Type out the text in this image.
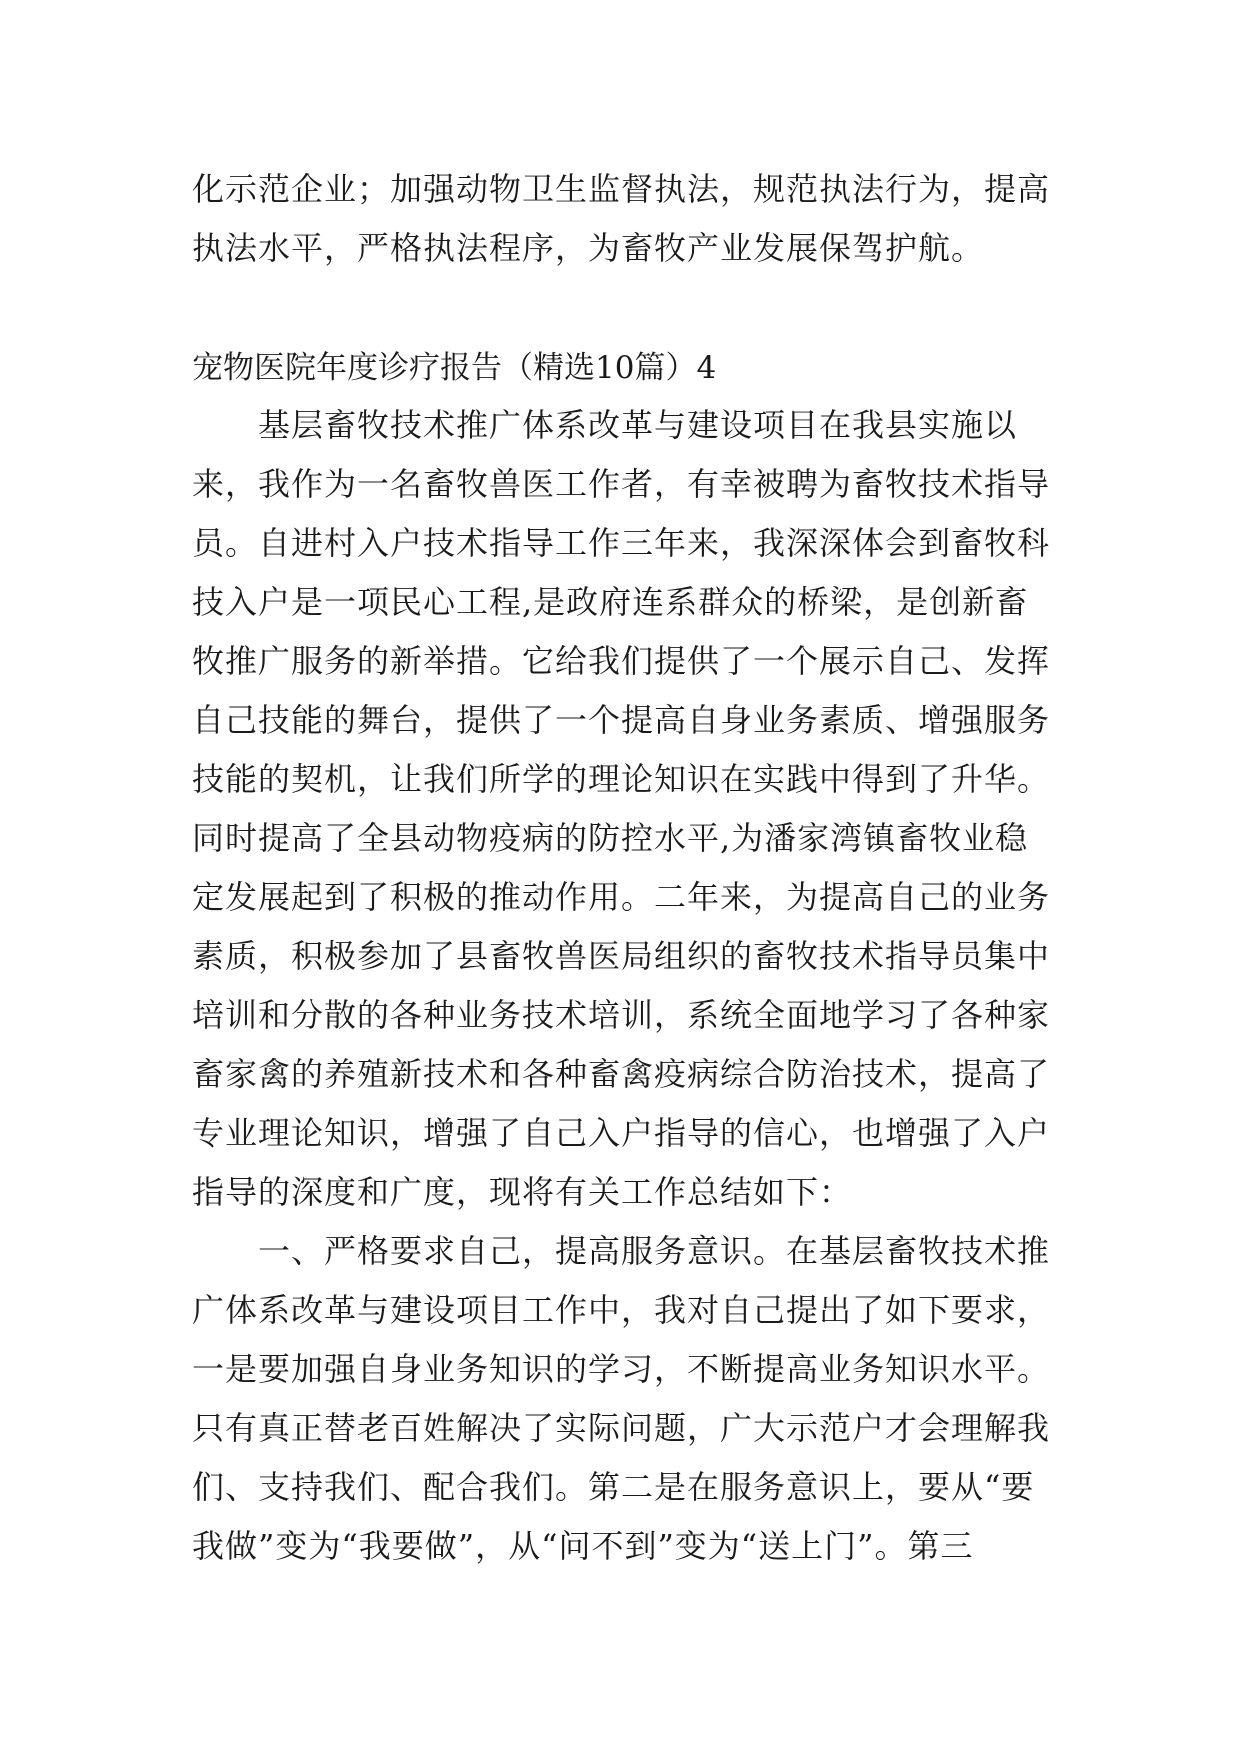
化示范企业；加强动物卫生监督执法，规范执法行为，提高
执法水平，严格执法程序，为畜牧产业发展保驾护航。
宠物医院年度诊疗报告（精选10篇）4
基层畜牧技术推广体系改革与建设项目在我县实施以
来，我作为一名畜牧兽医工作者，有幸被聘为畜牧技术指导
员。自进村入户技术指导工作三年来，我深深体会到畜牧科
技入户是一项民心工程,是政府连系群众的桥梁，是创新畜
牧推广服务的新举措。它给我们提供了一个展示自己、发挥
自己技能的舞台，提供了一个提高自身业务素质、增强服务
技能的契机，让我们所学的理论知识在实践中得到了升华。
同时提高了全县动物疫病的防控水平,为潘家湾镇畜牧业稳
定发展起到了积极的推动作用。二年来，为提高自己的业务
素质，积极参加了县畜牧兽医局组织的畜牧技术指导员集中
培训和分散的各种业务技术培训，系统全面地学习了各种家
畜家禽的养殖新技术和各种畜禽疫病综合防治技术，提高了
专业理论知识，增强了自己入户指导的信心，也增强了入户
指导的深度和广度，现将有关工作总结如下：
一、严格要求自己，提高服务意识。在基层畜牧技术推
广体系改革与建设项目工作中，我对自己提出了如下要求，
一是要加强自身业务知识的学习，不断提高业务知识水平。
只有真正替老百姓解决了实际问题，广大示范户才会理解我
们、支持我们、配合我们。第二是在服务意识上，要从“要
我做”变为“我要做”，从“问不到”变为“送上门”。第三
